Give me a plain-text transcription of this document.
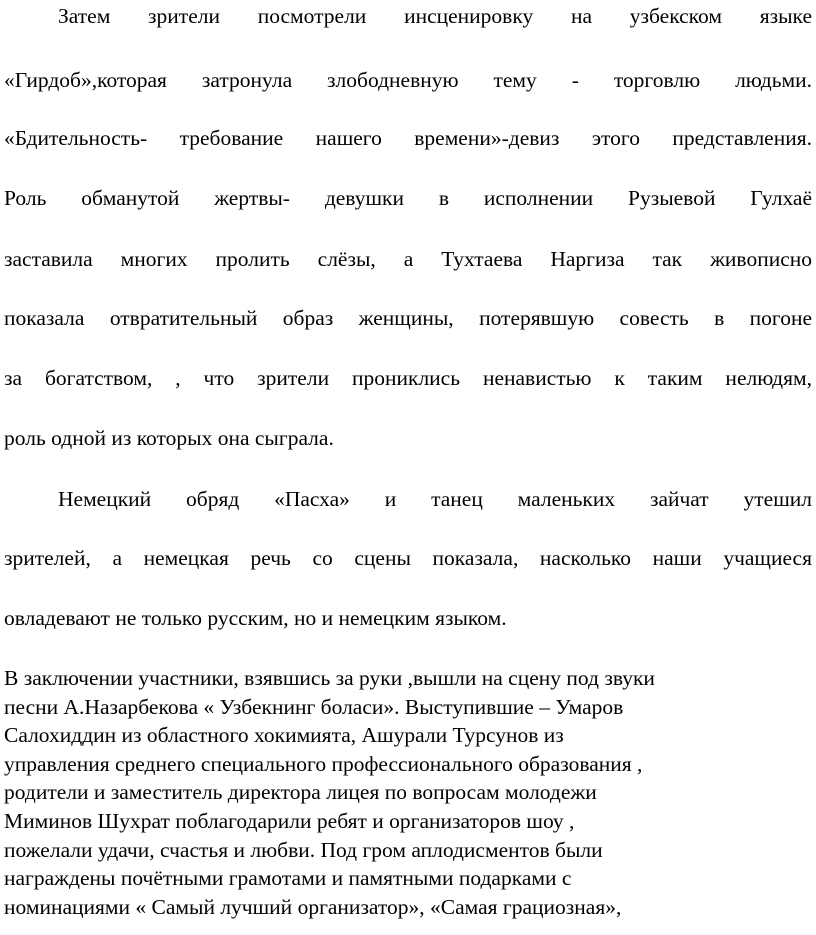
Затем зрители посмотрели инсценировку на узбекском языке
«Гирдоб»,которая затронула злободневную тему - торговлю людьми.
«Бдительность- требование нашего времени»-девиз этого представления.
Роль обманутой жертвы- девушки в исполнении Рузыевой Гулхаё
заставила многих пролить слёзы, а Тухтаева Наргиза так живописно
показала отвратительный образ женщины, потерявшую совесть в погоне
за богатством, , что зрители прониклись ненавистью к таким нелюдям,
роль одной из которых она сыграла.
Немецкий обряд «Пасха» и танец маленьких зайчат утешил
зрителей, а немецкая речь со сцены показала, насколько наши учащиеся
овладевают не только русским, но и немецким языком.
В заключении участники, взявшись за руки ,вышли на сцену под звуки
песни А.Назарбекова « Узбекнинг боласи». Выступившие – Умаров
Салохиддин из областного хокимията, Ашурали Турсунов из
управления среднего специального профессионального образования ,
родители и заместитель директора лицея по вопросам молодежи
Миминов Шухрат поблагодарили ребят и организаторов шоу ,
пожелали удачи, счастья и любви. Под гром аплодисментов были
награждены почётными грамотами и памятными подарками с
номинациями « Самый лучший организатор», «Самая грациозная»,
